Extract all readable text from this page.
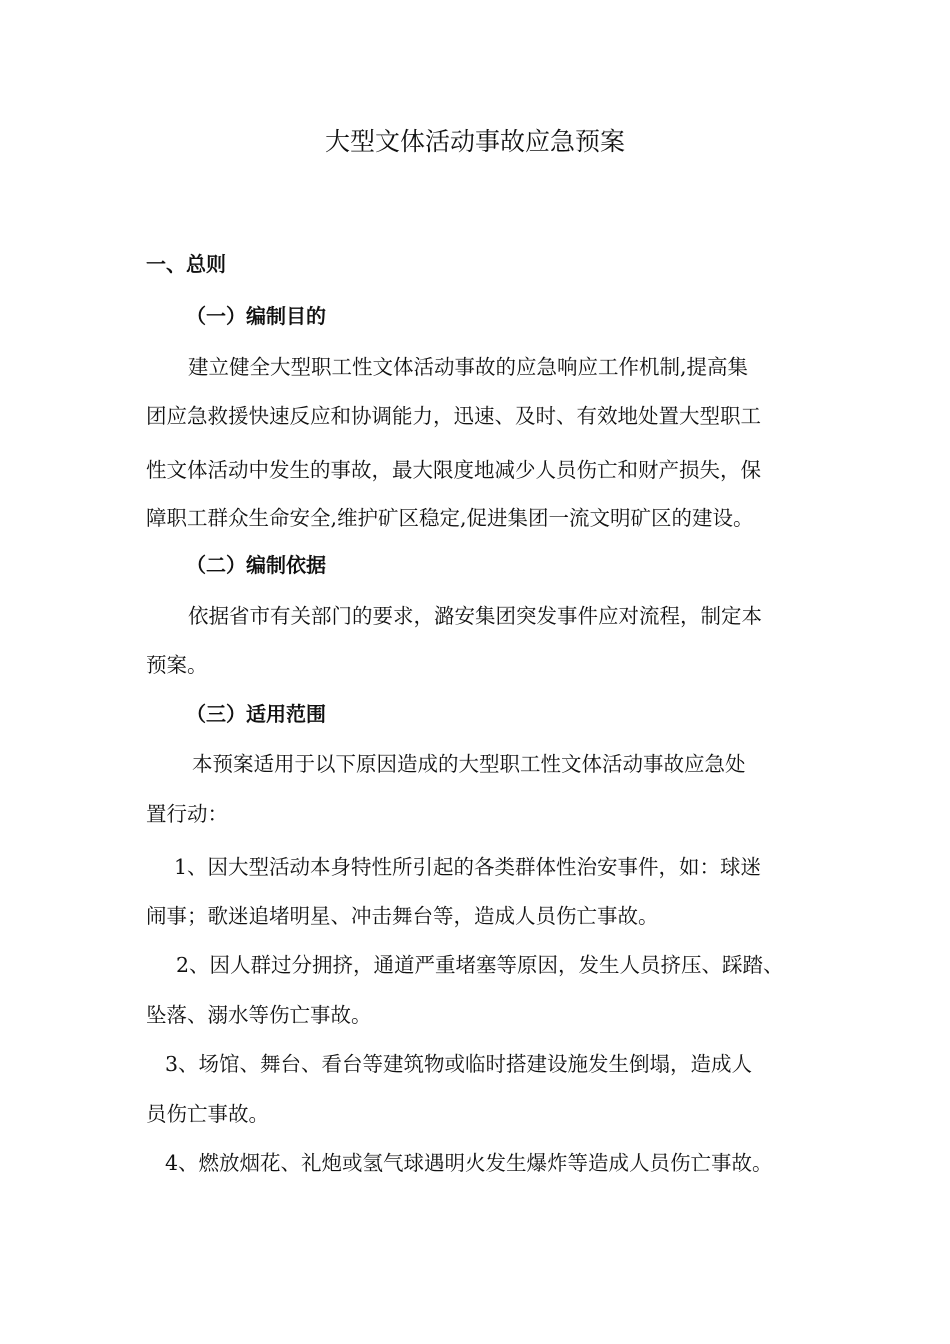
大型文体活动事故应急预案
一、总则
（一）编制目的
建立健全大型职工性文体活动事故的应急响应工作机制,提高集
团应急救援快速反应和协调能力，迅速、及时、有效地处置大型职工
性文体活动中发生的事故，最大限度地减少人员伤亡和财产损失，保
障职工群众生命安全,维护矿区稳定,促进集团一流文明矿区的建设。
（二）编制依据
依据省市有关部门的要求，潞安集团突发事件应对流程，制定本
预案。
（三）适用范围
本预案适用于以下原因造成的大型职工性文体活动事故应急处
置行动：
1、因大型活动本身特性所引起的各类群体性治安事件，如：球迷
闹事；歌迷追堵明星、冲击舞台等，造成人员伤亡事故。
2、因人群过分拥挤，通道严重堵塞等原因，发生人员挤压、踩踏、
坠落、溺水等伤亡事故。
3、场馆、舞台、看台等建筑物或临时搭建设施发生倒塌，造成人
员伤亡事故。
4、燃放烟花、礼炮或氢气球遇明火发生爆炸等造成人员伤亡事故。
